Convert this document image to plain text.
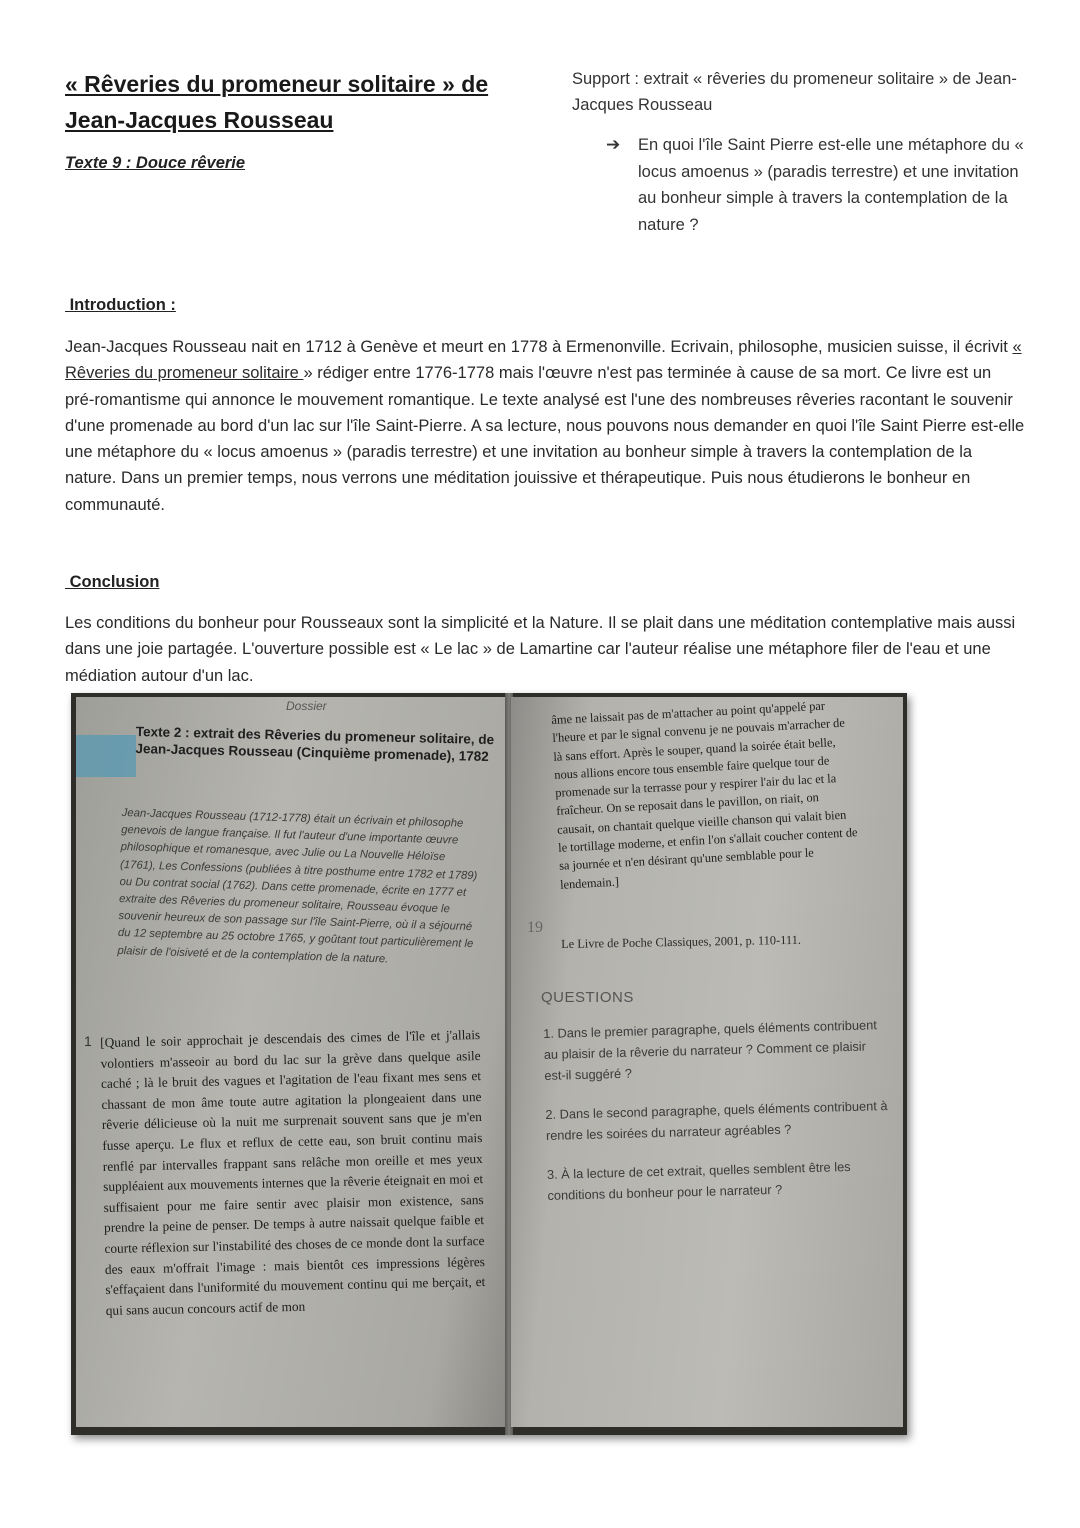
« Rêveries du promeneur solitaire » de Jean-Jacques Rousseau
Texte 9 : Douce rêverie
Support : extrait « rêveries du promeneur solitaire » de Jean-Jacques Rousseau
➔ En quoi l'île Saint Pierre est-elle une métaphore du « locus amoenus » (paradis terrestre) et une invitation au bonheur simple à travers la contemplation de la nature ?
Introduction :
Jean-Jacques Rousseau nait en 1712 à Genève et meurt en 1778 à Ermenonville. Ecrivain, philosophe, musicien suisse, il écrivit « Rêveries du promeneur solitaire » rédiger entre 1776-1778 mais l'œuvre n'est pas terminée à cause de sa mort. Ce livre est un pré-romantisme qui annonce le mouvement romantique. Le texte analysé est l'une des nombreuses rêveries racontant le souvenir d'une promenade au bord d'un lac sur l'île Saint-Pierre. A sa lecture, nous pouvons nous demander en quoi l'île Saint Pierre est-elle une métaphore du « locus amoenus » (paradis terrestre) et une invitation au bonheur simple à travers la contemplation de la nature. Dans un premier temps, nous verrons une méditation jouissive et thérapeutique. Puis nous étudierons le bonheur en communauté.
Conclusion
Les conditions du bonheur pour Rousseaux sont la simplicité et la Nature. Il se plait dans une méditation contemplative mais aussi dans une joie partagée. L'ouverture possible est « Le lac » de Lamartine car l'auteur réalise une métaphore filer de l'eau et une médiation autour d'un lac.
Dossier
Texte 2 : extrait des Rêveries du promeneur solitaire, de Jean-Jacques Rousseau (Cinquième promenade), 1782
Jean-Jacques Rousseau (1712-1778) était un écrivain et philosophe genevois de langue française. Il fut l'auteur d'une importante œuvre philosophique et romanesque, avec Julie ou La Nouvelle Héloïse (1761), Les Confessions (publiées à titre posthume entre 1782 et 1789) ou Du contrat social (1762). Dans cette promenade, écrite en 1777 et extraite des Rêveries du promeneur solitaire, Rousseau évoque le souvenir heureux de son passage sur l'île Saint-Pierre, où il a séjourné du 12 septembre au 25 octobre 1765, y goûtant tout particulièrement le plaisir de l'oisiveté et de la contemplation de la nature.
1 [Quand le soir approchait je descendais des cimes de l'île et j'allais volontiers m'asseoir au bord du lac sur la grève dans quelque asile caché ; là le bruit des vagues et l'agitation de l'eau fixant mes sens et chassant de mon âme toute autre agitation la plongeaient dans une rêverie délicieuse où la nuit me surprenait souvent sans que je m'en fusse aperçu. Le flux et reflux de cette eau, son bruit continu mais renflé par intervalles frappant sans relâche mon oreille et mes yeux suppléaient aux mouvements internes que la rêverie éteignait en moi et suffisaient pour me faire sentir avec plaisir mon existence, sans prendre la peine de penser. De temps à autre naissait quelque faible et courte réflexion sur l'instabilité des choses de ce monde dont la surface des eaux m'offrait l'image : mais bientôt ces impressions légères s'effaçaient dans l'uniformité du mouvement continu qui me berçait, et qui sans aucun concours actif de mon
âme ne laissait pas de m'attacher au point qu'appelé par l'heure et par le signal convenu je ne pouvais m'arracher de là sans effort. Après le souper, quand la soirée était belle, nous allions encore tous ensemble faire quelque tour de promenade sur la terrasse pour y respirer l'air du lac et la fraîcheur. On se reposait dans le pavillon, on riait, on causait, on chantait quelque vieille chanson qui valait bien le tortillage moderne, et enfin l'on s'allait coucher content de sa journée et n'en désirant qu'une semblable pour le lendemain.]
19
Le Livre de Poche Classiques, 2001, p. 110-111.
QUESTIONS

1. Dans le premier paragraphe, quels éléments contribuent au plaisir de la rêverie du narrateur ? Comment ce plaisir est-il suggéré ?

2. Dans le second paragraphe, quels éléments contribuent à rendre les soirées du narrateur agréables ?

3. À la lecture de cet extrait, quelles semblent être les conditions du bonheur pour le narrateur ?
